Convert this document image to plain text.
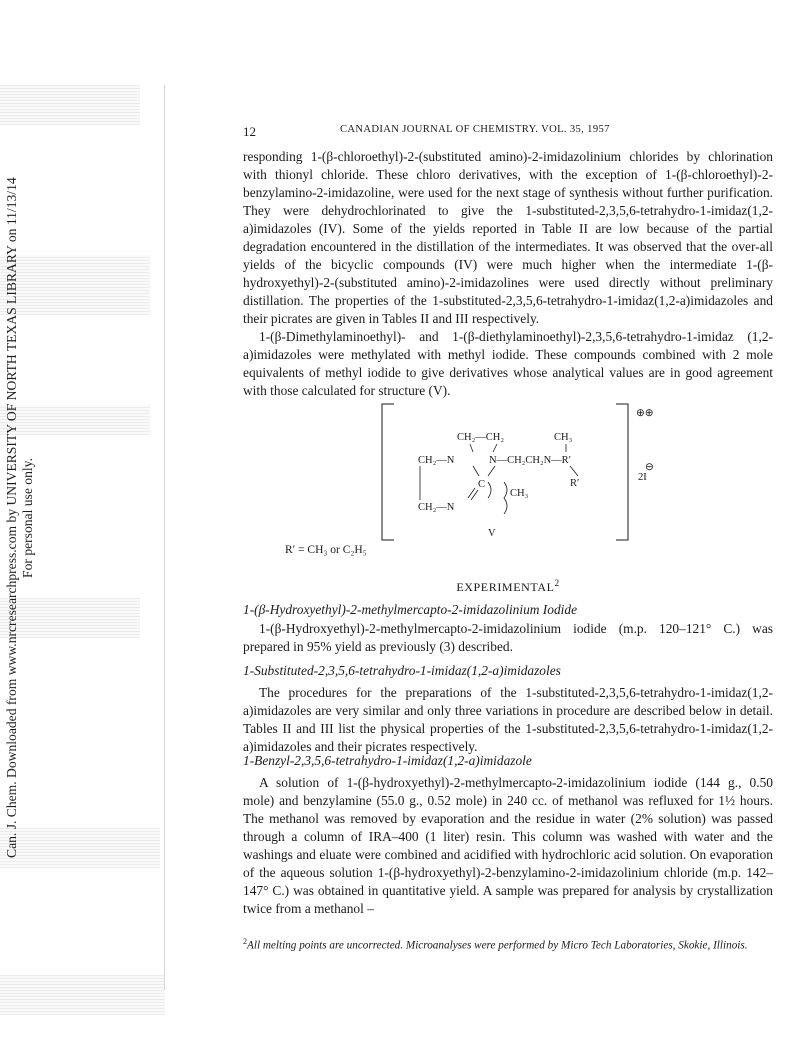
Can. J. Chem. Downloaded from www.nrcresearchpress.com by UNIVERSITY OF NORTH TEXAS LIBRARY on 11/13/14 For personal use only.
12	CANADIAN JOURNAL OF CHEMISTRY. VOL. 35, 1957

responding 1-(β-chloroethyl)-2-(substituted amino)-2-imidazolinium chlorides by chlorination with thionyl chloride. These chloro derivatives, with the exception of 1-(β-chloroethyl)-2-benzylamino-2-imidazoline, were used for the next stage of synthesis without further purification. They were dehydrochlorinated to give the 1-substituted-2,3,5,6-tetrahydro-1-imidaz(1,2-a)imidazoles (IV). Some of the yields reported in Table II are low because of the partial degradation encountered in the distillation of the intermediates. It was observed that the over-all yields of the bicyclic compounds (IV) were much higher when the intermediate 1-(β-hydroxyethyl)-2-(substituted amino)-2-imidazolines were used directly without preliminary distillation. The properties of the 1-substituted-2,3,5,6-tetrahydro-1-imidaz(1,2-a)imidazoles and their picrates are given in Tables II and III respectively.

1-(β-Dimethylaminoethyl)- and 1-(β-diethylaminoethyl)-2,3,5,6-tetrahydro-1-imidaz (1,2-a)imidazoles were methylated with methyl iodide. These compounds combined with 2 mole equivalents of methyl iodide to give derivatives whose analytical values are in good agreement with those calculated for structure (V).

CH₂—CH₂	CH₃
CH₂—N	N—CH₂CH₂N—R′
C	R′
CH₃
CH₂—N
V
⊕⊕
⊖
2I
R′ = CH₃ or C₂H₅
EXPERIMENTAL$^2$
1-(β-Hydroxyethyl)-2-methylmercapto-2-imidazolinium Iodide

1-(β-Hydroxyethyl)-2-methylmercapto-2-imidazolinium iodide (m.p. 120–121° C.) was prepared in 95% yield as previously (3) described.

1-Substituted-2,3,5,6-tetrahydro-1-imidaz(1,2-a)imidazoles

The procedures for the preparations of the 1-substituted-2,3,5,6-tetrahydro-1-imidaz(1,2-a)imidazoles are very similar and only three variations in procedure are described below in detail. Tables II and III list the physical properties of the 1-substituted-2,3,5,6-tetrahydro-1-imidaz(1,2-a)imidazoles and their picrates respectively.

1-Benzyl-2,3,5,6-tetrahydro-1-imidaz(1,2-a)imidazole

A solution of 1-(β-hydroxyethyl)-2-methylmercapto-2-imidazolinium iodide (144 g., 0.50 mole) and benzylamine (55.0 g., 0.52 mole) in 240 cc. of methanol was refluxed for 1½ hours. The methanol was removed by evaporation and the residue in water (2% solution) was passed through a column of IRA–400 (1 liter) resin. This column was washed with water and the washings and eluate were combined and acidified with hydrochloric acid solution. On evaporation of the aqueous solution 1-(β-hydroxyethyl)-2-benzylamino-2-imidazolinium chloride (m.p. 142–147° C.) was obtained in quantitative yield. A sample was prepared for analysis by crystallization twice from a methanol –

$^2$All melting points are uncorrected. Microanalyses were performed by Micro Tech Laboratories, Skokie, Illinois.
